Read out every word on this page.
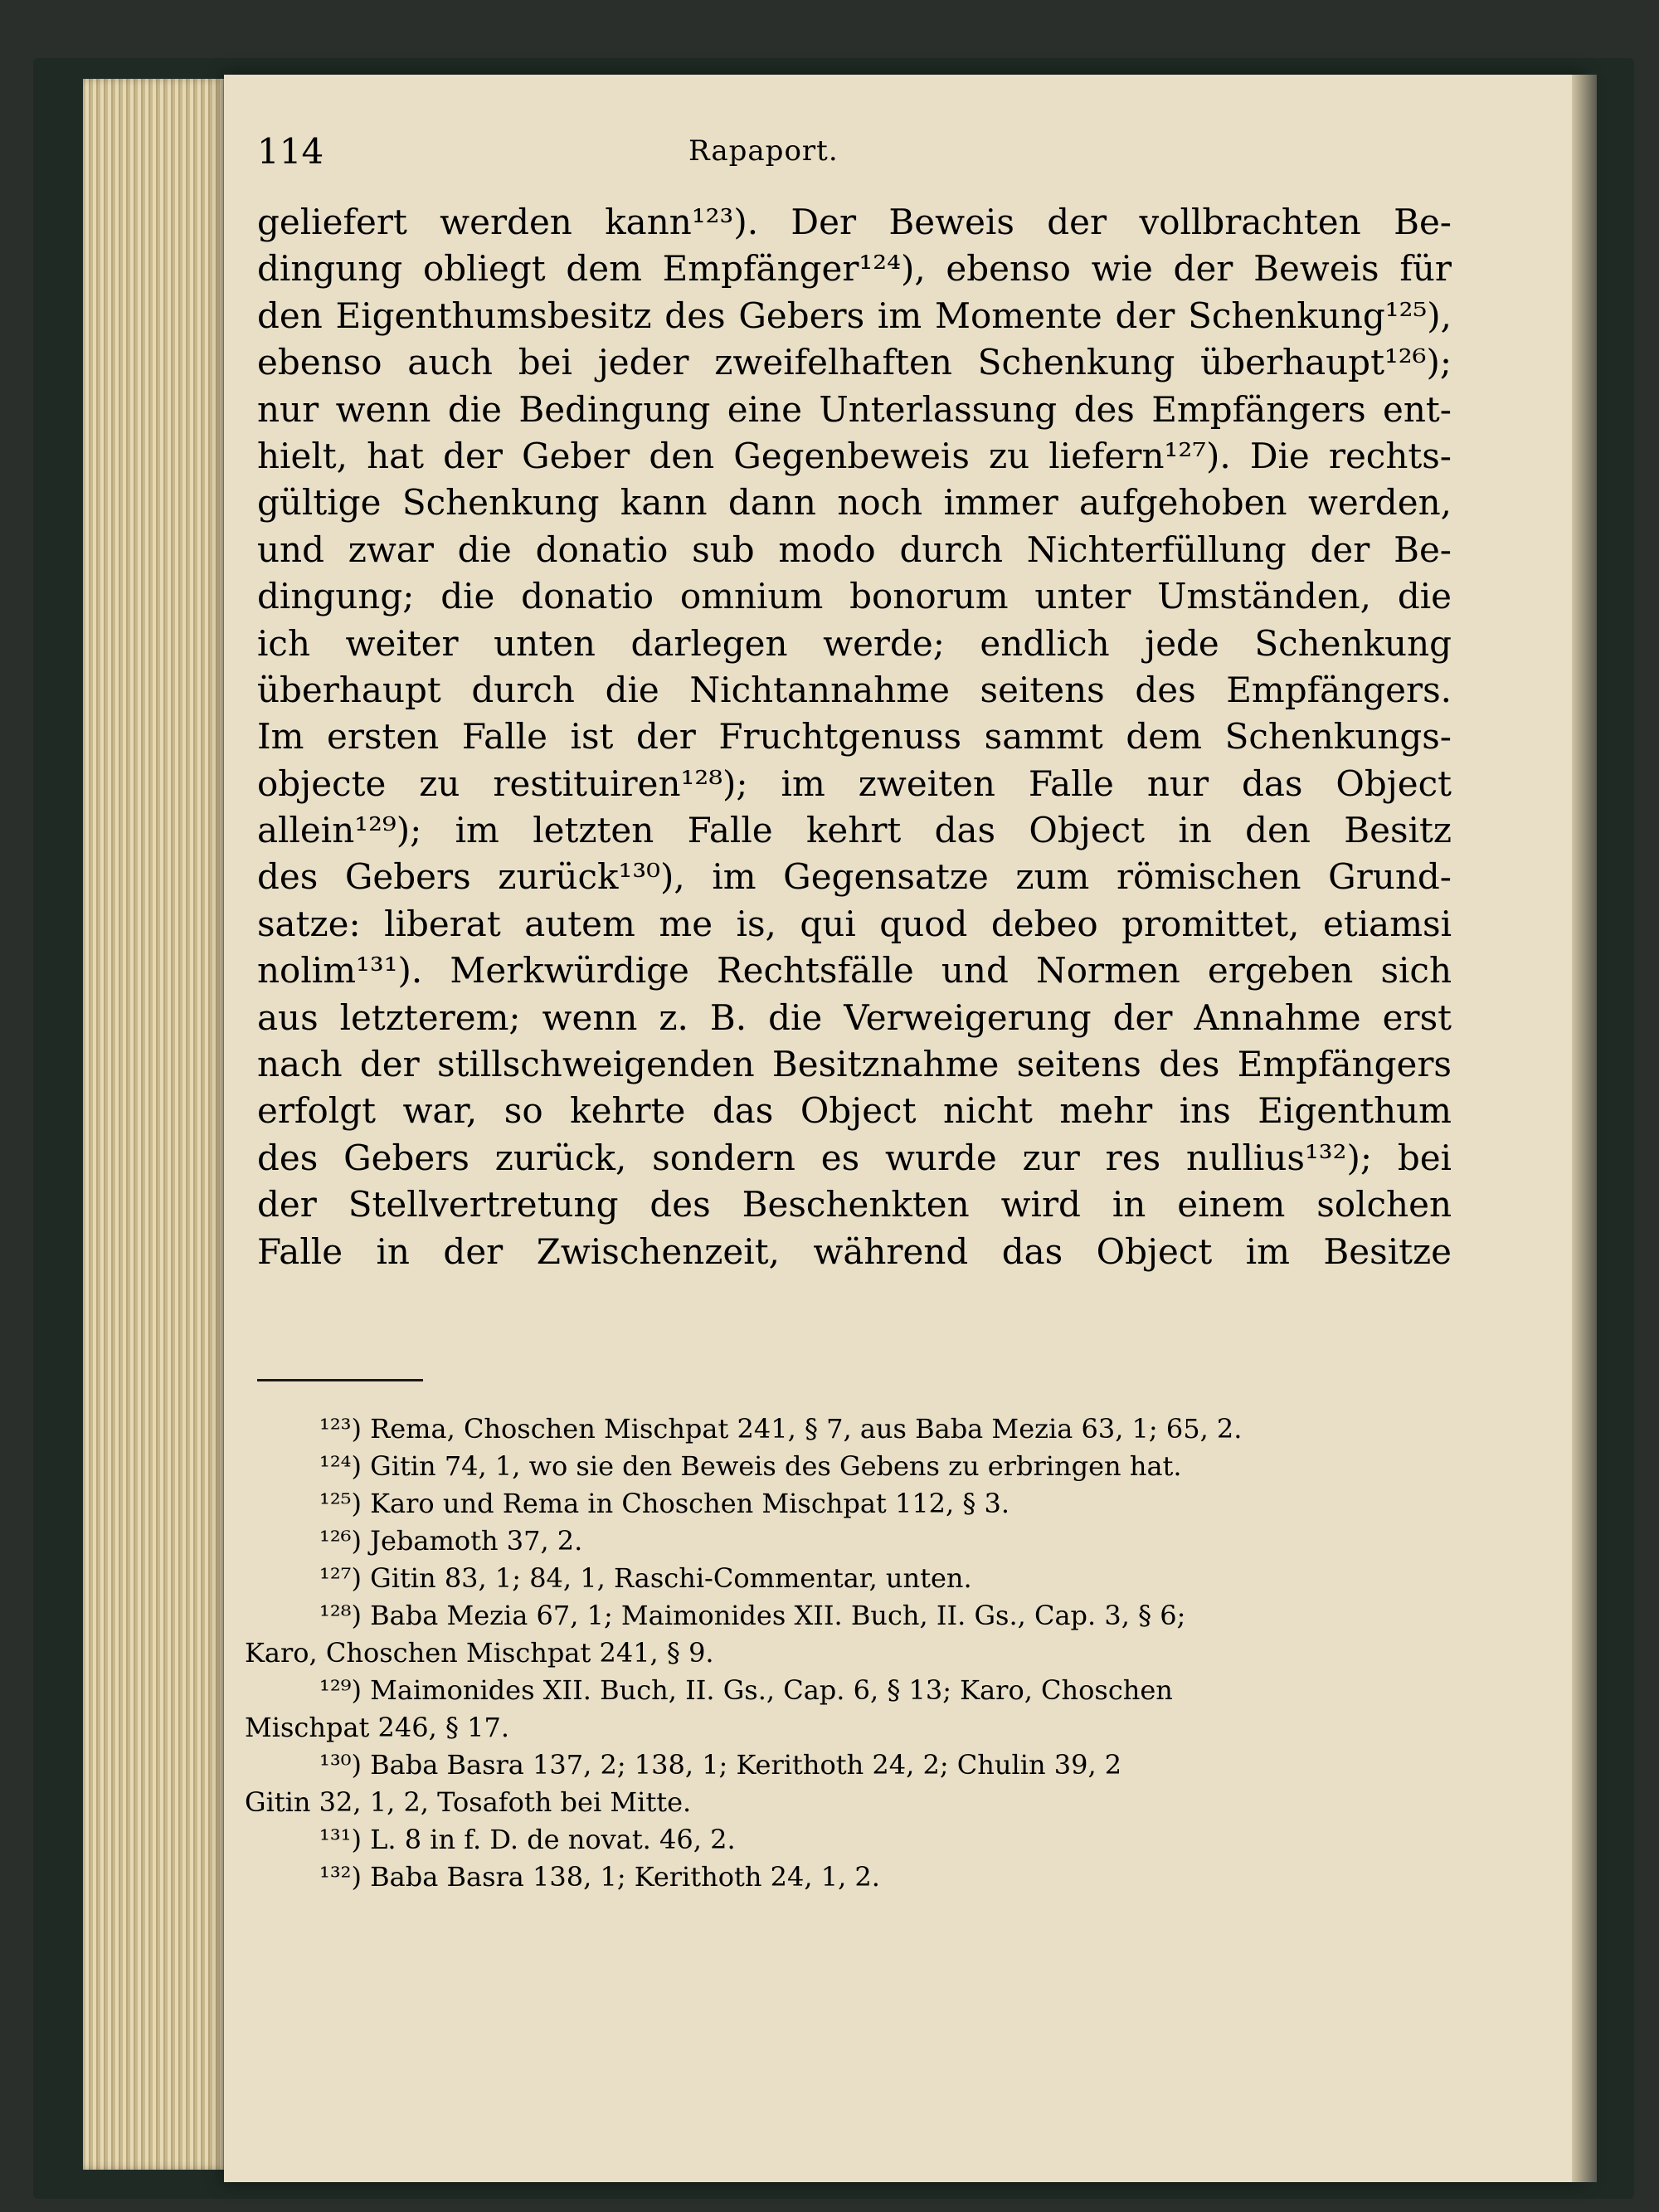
114	Rapaport.
geliefert werden kann¹²³). Der Beweis der vollbrachten Be-
dingung obliegt dem Empfänger¹²⁴), ebenso wie der Beweis für
den Eigenthumsbesitz des Gebers im Momente der Schenkung¹²⁵),
ebenso auch bei jeder zweifelhaften Schenkung überhaupt¹²⁶);
nur wenn die Bedingung eine Unterlassung des Empfängers ent-
hielt, hat der Geber den Gegenbeweis zu liefern¹²⁷). Die rechts-
gültige Schenkung kann dann noch immer aufgehoben werden,
und zwar die donatio sub modo durch Nichterfüllung der Be-
dingung; die donatio omnium bonorum unter Umständen, die
ich weiter unten darlegen werde; endlich jede Schenkung
überhaupt durch die Nichtannahme seitens des Empfängers.
Im ersten Falle ist der Fruchtgenuss sammt dem Schenkungs-
objecte zu restituiren¹²⁸); im zweiten Falle nur das Object
allein¹²⁹); im letzten Falle kehrt das Object in den Besitz
des Gebers zurück¹³⁰), im Gegensatze zum römischen Grund-
satze: liberat autem me is, qui quod debeo promittet, etiamsi
nolim¹³¹). Merkwürdige Rechtsfälle und Normen ergeben sich
aus letzterem; wenn z. B. die Verweigerung der Annahme erst
nach der stillschweigenden Besitznahme seitens des Empfängers
erfolgt war, so kehrte das Object nicht mehr ins Eigenthum
des Gebers zurück, sondern es wurde zur res nullius¹³²); bei
der Stellvertretung des Beschenkten wird in einem solchen
Falle in der Zwischenzeit, während das Object im Besitze
¹²³) Rema, Choschen Mischpat 241, § 7, aus Baba Mezia 63, 1; 65, 2.
¹²⁴) Gitin 74, 1, wo sie den Beweis des Gebens zu erbringen hat.
¹²⁵) Karo und Rema in Choschen Mischpat 112, § 3.
¹²⁶) Jebamoth 37, 2.
¹²⁷) Gitin 83, 1; 84, 1, Raschi-Commentar, unten.
¹²⁸) Baba Mezia 67, 1; Maimonides XII. Buch, II. Gs., Cap. 3, § 6;
Karo, Choschen Mischpat 241, § 9.
¹²⁹) Maimonides XII. Buch, II. Gs., Cap. 6, § 13; Karo, Choschen
Mischpat 246, § 17.
¹³⁰) Baba Basra 137, 2; 138, 1; Kerithoth 24, 2; Chulin 39, 2
Gitin 32, 1, 2, Tosafoth bei Mitte.
¹³¹) L. 8 in f. D. de novat. 46, 2.
¹³²) Baba Basra 138, 1; Kerithoth 24, 1, 2.
